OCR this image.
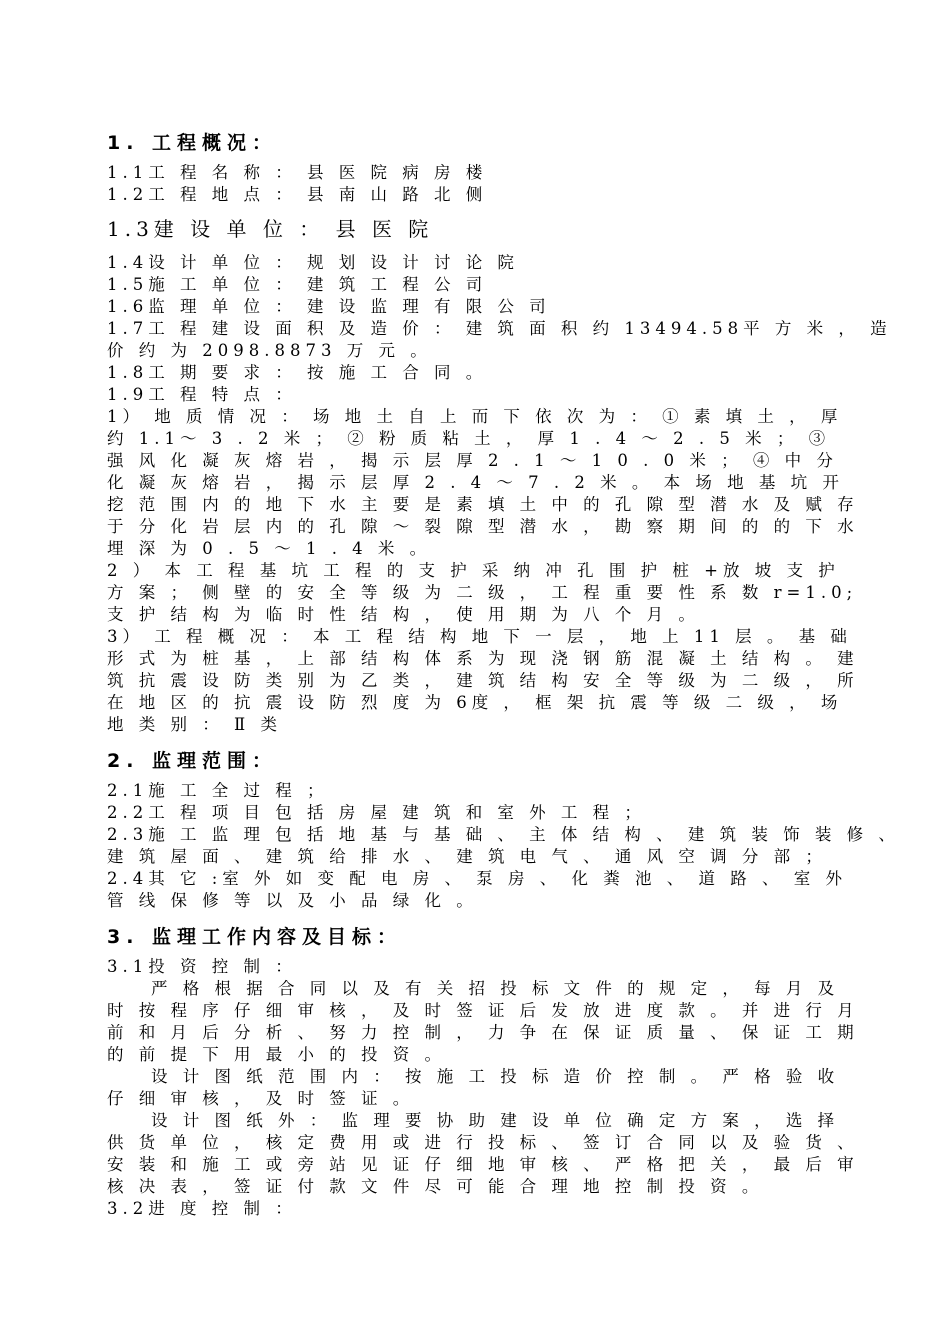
1. 工程概况：
1.1工 程 名 称 ： 县 医 院 病 房 楼
1.2工 程 地 点 ： 县 南 山 路 北 侧
1.3建 设 单 位 ： 县 医 院
1.4设 计 单 位 ： 规 划 设 计 讨 论 院
1.5施 工 单 位 ： 建 筑 工 程 公 司
1.6监 理 单 位 ： 建 设 监 理 有 限 公 司
1.7工 程 建 设 面 积 及 造 价 ： 建 筑 面 积 约 13494.58平 方 米 ， 造
价 约 为 2098.8873 万 元 。
1.8工 期 要 求 ： 按 施 工 合 同 。
1.9工 程 特 点 ：
1） 地 质 情 况 ： 场 地 土 自 上 而 下 依 次 为 ： ① 素 填 土 ， 厚
约 1.1～ 3 . 2 米 ； ② 粉 质 粘 土 ， 厚 1 . 4 ～ 2 . 5 米 ； ③
强 风 化 凝 灰 熔 岩 ， 揭 示 层 厚 2 . 1 ～ 1 0 . 0 米 ； ④ 中 分
化 凝 灰 熔 岩 ， 揭 示 层 厚 2 . 4 ～ 7 . 2 米 。 本 场 地 基 坑 开
挖 范 围 内 的 地 下 水 主 要 是 素 填 土 中 的 孔 隙 型 潜 水 及 赋 存
于 分 化 岩 层 内 的 孔 隙 ～ 裂 隙 型 潜 水 ， 勘 察 期 间 的 的 下 水
埋 深 为 0 . 5 ～ 1 . 4 米 。
2 ） 本 工 程 基 坑 工 程 的 支 护 采 纳 冲 孔 围 护 桩 +放 坡 支 护
方 案 ； 侧 壁 的 安 全 等 级 为 二 级 ， 工 程 重 要 性 系 数 r=1.0;
支 护 结 构 为 临 时 性 结 构 ， 使 用 期 为 八 个 月 。
3） 工 程 概 况 ： 本 工 程 结 构 地 下 一 层 ， 地 上 11 层 。 基 础
形 式 为 桩 基 ， 上 部 结 构 体 系 为 现 浇 钢 筋 混 凝 土 结 构 。 建
筑 抗 震 设 防 类 别 为 乙 类 ， 建 筑 结 构 安 全 等 级 为 二 级 ， 所
在 地 区 的 抗 震 设 防 烈 度 为 6度 ， 框 架 抗 震 等 级 二 级 ， 场
地 类 别 ： Ⅱ 类
2. 监理范围：
2.1施 工 全 过 程 ；
2.2工 程 项 目 包 括 房 屋 建 筑 和 室 外 工 程 ；
2.3施 工 监 理 包 括 地 基 与 基 础 、 主 体 结 构 、 建 筑 装 饰 装 修 、
建 筑 屋 面 、 建 筑 给 排 水 、 建 筑 电 气 、 通 风 空 调 分 部 ；
2.4其 它 :室 外 如 变 配 电 房 、 泵 房 、 化 粪 池 、 道 路 、 室 外
管 线 保 修 等 以 及 小 品 绿 化 。
3. 监理工作内容及目标：
3.1投 资 控 制 ：
严 格 根 据 合 同 以 及 有 关 招 投 标 文 件 的 规 定 ， 每 月 及
时 按 程 序 仔 细 审 核 ， 及 时 签 证 后 发 放 进 度 款 。 并 进 行 月
前 和 月 后 分 析 、 努 力 控 制 ， 力 争 在 保 证 质 量 、 保 证 工 期
的 前 提 下 用 最 小 的 投 资 。
设 计 图 纸 范 围 内 ： 按 施 工 投 标 造 价 控 制 。 严 格 验 收
仔 细 审 核 ， 及 时 签 证 。
设 计 图 纸 外 ： 监 理 要 协 助 建 设 单 位 确 定 方 案 ， 选 择
供 货 单 位 ， 核 定 费 用 或 进 行 投 标 、 签 订 合 同 以 及 验 货 、
安 装 和 施 工 或 旁 站 见 证 仔 细 地 审 核 、 严 格 把 关 ， 最 后 审
核 决 表 ， 签 证 付 款 文 件 尽 可 能 合 理 地 控 制 投 资 。
3.2进 度 控 制 ：
